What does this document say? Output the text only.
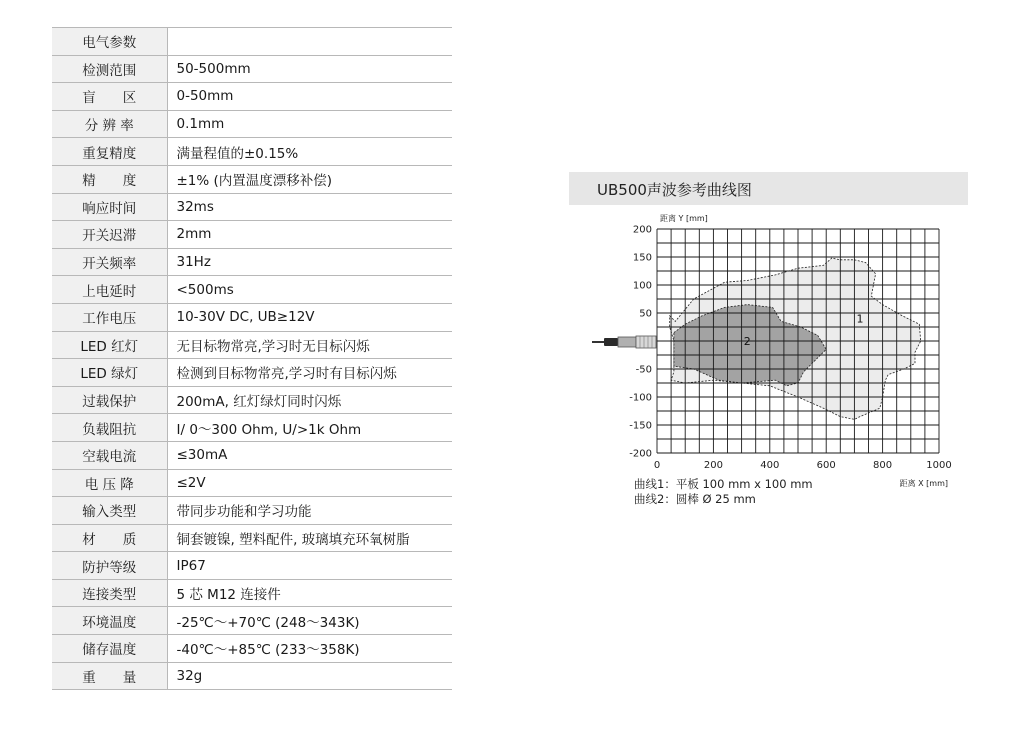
电气参数	
检测范围	50-500mm
盲　　区	0-50mm
分 辨 率	0.1mm
重复精度	满量程值的±0.15%
精　　度	±1% (内置温度漂移补偿)
响应时间	32ms
开关迟滞	2mm
开关频率	31Hz
上电延时	<500ms
工作电压	10-30V DC, UB≥12V
LED 红灯	无目标物常亮,学习时无目标闪烁
LED 绿灯	检测到目标物常亮,学习时有目标闪烁
过载保护	200mA, 红灯绿灯同时闪烁
负载阻抗	I/ 0～300 Ohm, U/>1k Ohm
空载电流	≤30mA
电 压 降	≤2V
输入类型	带同步功能和学习功能
材　　质	铜套镀镍, 塑料配件, 玻璃填充环氧树脂
防护等级	IP67
连接类型	5 芯 M12 连接件
环境温度	-25℃～+70℃ (248～343K)
储存温度	-40℃～+85℃ (233～358K)
重　　量	32g
UB500声波参考曲线图
距离 Y [mm]
距离 X [mm]
0	200	400	600	800	1000
200
150
100
50
-50
-100
-150
-200
1
2
曲线1：平板 100 mm x 100 mm
曲线2：圆棒 Ø 25 mm
